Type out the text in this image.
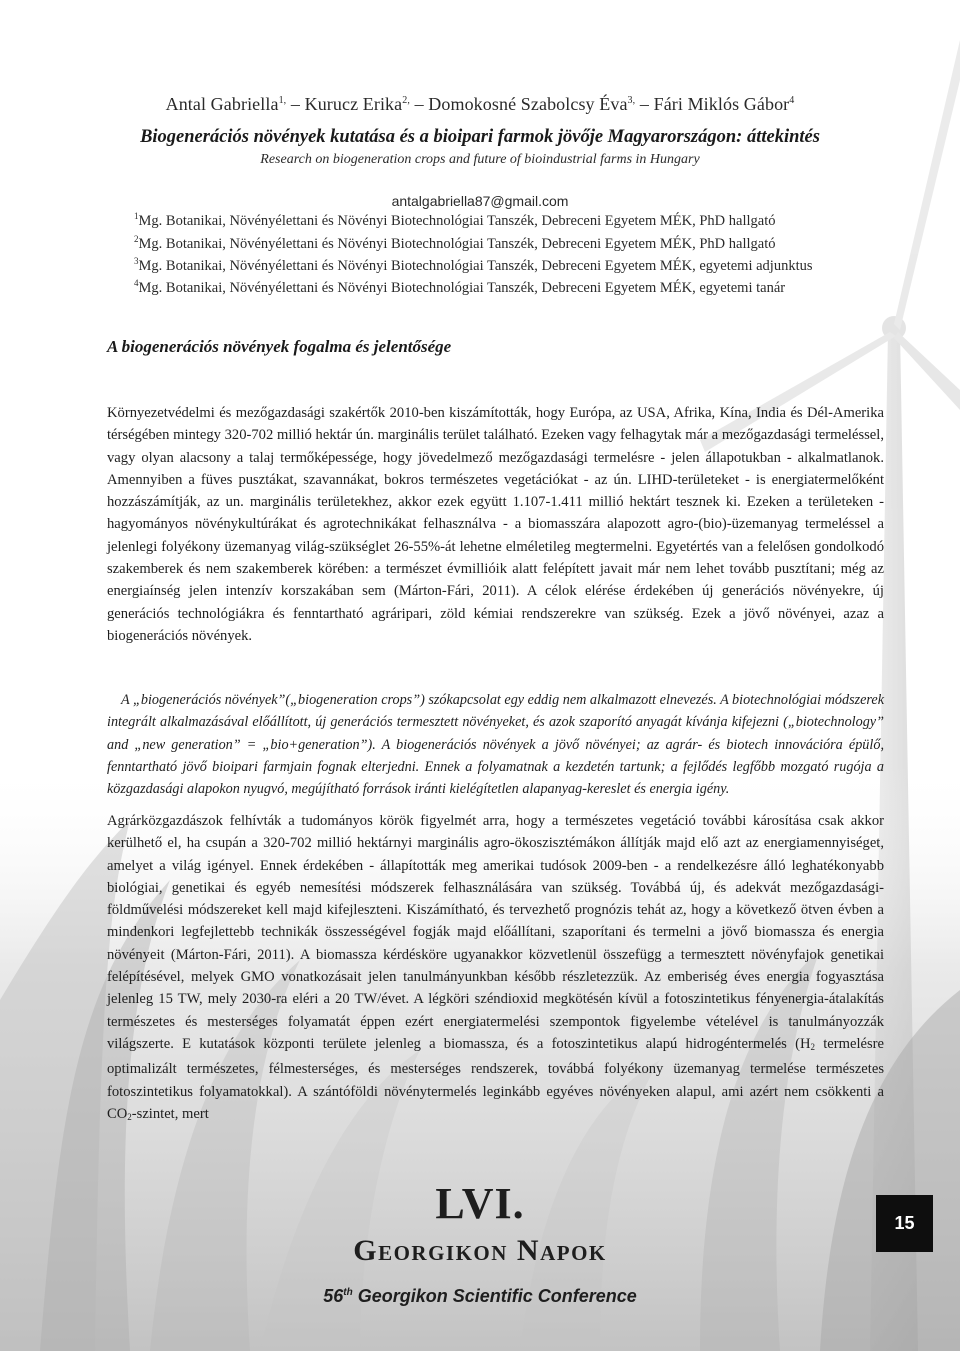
Antal Gabriella$^{1,}$ – Kurucz Erika$^{2,}$ – Domokosné Szabolcsy Éva$^{3,}$ – Fári Miklós Gábor$^4$
Biogenerációs növények kutatása és a bioipari farmok jövője Magyarországon: áttekintés
Research on biogeneration crops and future of bioindustrial farms in Hungary
antalgabriella87@gmail.com
$^1$Mg. Botanikai, Növényélettani és Növényi Biotechnológiai Tanszék, Debreceni Egyetem MÉK, PhD hallgató
$^2$Mg. Botanikai, Növényélettani és Növényi Biotechnológiai Tanszék, Debreceni Egyetem MÉK, PhD hallgató
$^3$Mg. Botanikai, Növényélettani és Növényi Biotechnológiai Tanszék, Debreceni Egyetem MÉK, egyetemi adjunktus
$^4$Mg. Botanikai, Növényélettani és Növényi Biotechnológiai Tanszék, Debreceni Egyetem MÉK, egyetemi tanár
A biogenerációs növények fogalma és jelentősége

Környezetvédelmi és mezőgazdasági szakértők 2010-ben kiszámították, hogy Európa, az USA, Afrika, Kína, India és Dél-Amerika térségében mintegy 320-702 millió hektár ún. marginális terület található. Ezeken vagy felhagytak már a mezőgazdasági termeléssel, vagy olyan alacsony a talaj termőképessége, hogy jövedelmező mezőgazdasági termelésre - jelen állapotukban - alkalmatlanok. Amennyiben a füves pusztákat, szavannákat, bokros természetes vegetációkat - az ún. LIHD-területeket - is energiatermelőként hozzászámítják, az un. marginális területekhez, akkor ezek együtt 1.107-1.411 millió hektárt tesznek ki. Ezeken a területeken - hagyományos növénykultúrákat és agrotechnikákat felhasználva - a biomasszára alapozott agro-(bio)-üzemanyag termeléssel a jelenlegi folyékony üzemanyag világ-szükséglet 26-55%-át lehetne elméletileg megtermelni. Egyetértés van a felelősen gondolkodó szakemberek és nem szakemberek körében: a természet évmillióik alatt felépített javait már nem lehet tovább pusztítani; még az energiaínség jelen intenzív korszakában sem (Márton-Fári, 2011). A célok elérése érdekében új generációs növényekre, új generációs technológiákra és fenntartható agráripari, zöld kémiai rendszerekre van szükség. Ezek a jövő növényei, azaz a biogenerációs növények.

A „biogenerációs növények”(„biogeneration crops”) szókapcsolat egy eddig nem alkalmazott elnevezés. A biotechnológiai módszerek integrált alkalmazásával előállított, új generációs termesztett növényeket, és azok szaporító anyagát kívánja kifejezni („biotechnology” and „new generation” = „bio+generation”). A biogenerációs növények a jövő növényei; az agrár- és biotech innovációra épülő, fenntartható jövő bioipari farmjain fognak elterjedni. Ennek a folyamatnak a kezdetén tartunk; a fejlődés legfőbb mozgató rugója a közgazdasági alapokon nyugvó, megújítható források iránti kielégítetlen alapanyag-kereslet és energia igény.

Agrárközgazdászok felhívták a tudományos körök figyelmét arra, hogy a természetes vegetáció további károsítása csak akkor kerülhető el, ha csupán a 320-702 millió hektárnyi marginális agro-ökoszisztémákon állítják majd elő azt az energiamennyiséget, amelyet a világ igényel. Ennek érdekében - állapították meg amerikai tudósok 2009-ben - a rendelkezésre álló leghatékonyabb biológiai, genetikai és egyéb nemesítési módszerek felhasználására van szükség. Továbbá új, és adekvát mezőgazdasági-földművelési módszereket kell majd kifejleszteni. Kiszámítható, és tervezhető prognózis tehát az, hogy a következő ötven évben a mindenkori legfejlettebb technikák összességével fogják majd előállítani, szaporítani és termelni a jövő biomassza és energia növényeit (Márton-Fári, 2011). A biomassza kérdésköre ugyanakkor közvetlenül összefügg a termesztett növényfajok genetikai felépítésével, melyek GMO vonatkozásait jelen tanulmányunkban később részletezzük. Az emberiség éves energia fogyasztása jelenleg 15 TW, mely 2030-ra eléri a 20 TW/évet. A légköri széndioxid megkötésén kívül a fotoszintetikus fényenergia-átalakítás természetes és mesterséges folyamatát éppen ezért energiatermelési szempontok figyelembe vételével is tanulmányozzák világszerte. E kutatások központi területe jelenleg a biomassza, és a fotoszintetikus alapú hidrogéntermelés ($H_2$ termelésre optimalizált természetes, félmesterséges, és mesterséges rendszerek, továbbá folyékony üzemanyag termelése természetes fotoszintetikus folyamatokkal). A szántóföldi növénytermelés leginkább egyéves növényeken alapul, ami azért nem csökkenti a $CO_2$-szintet, mert

LVI.
Georgikon Napok
56th Georgikon Scientific Conference
15
